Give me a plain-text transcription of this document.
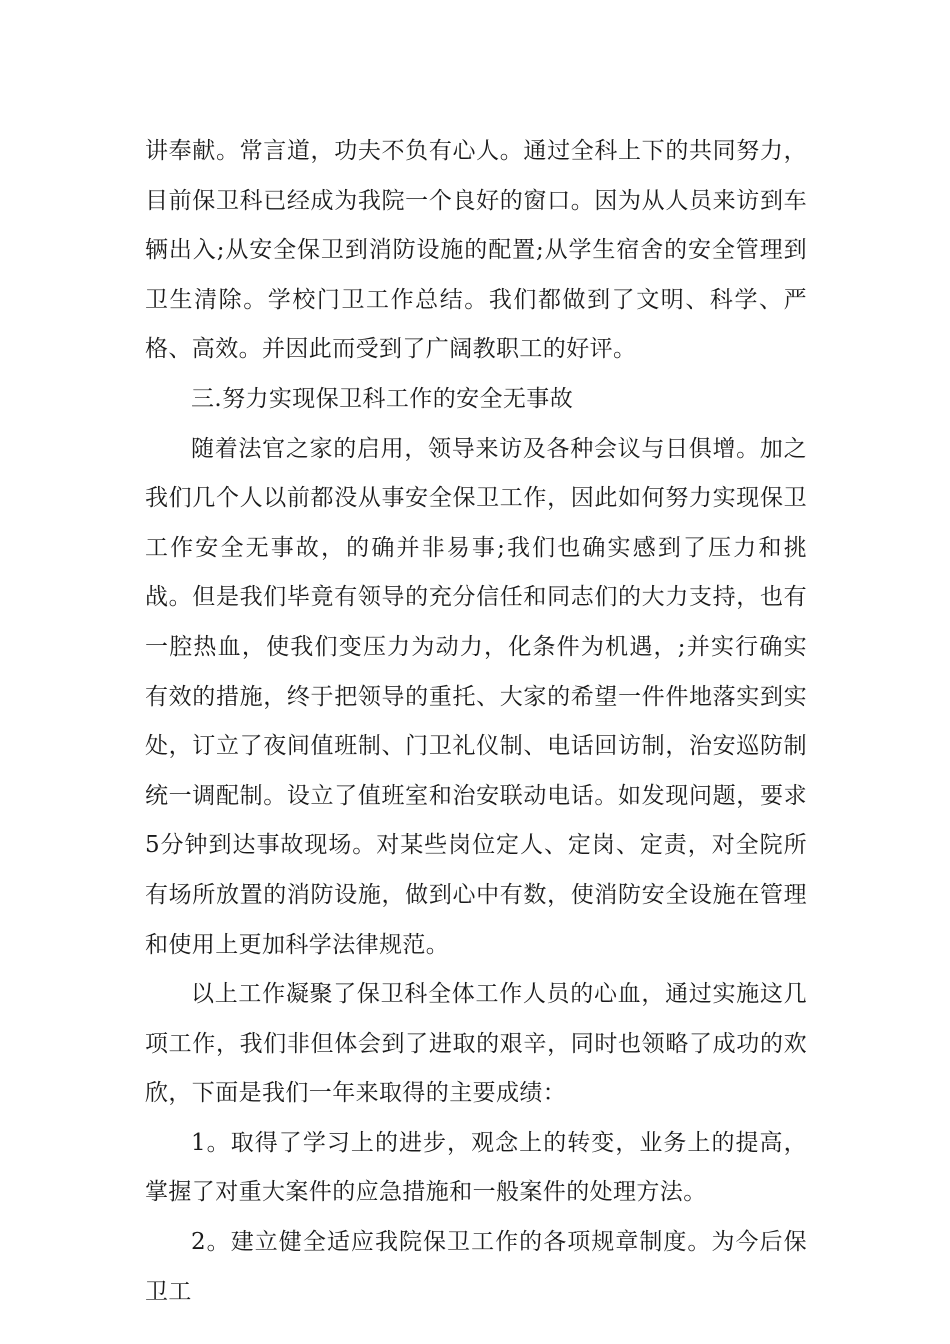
讲奉献。常言道，功夫不负有心人。通过全科上下的共同努力，目前保卫科已经成为我院一个良好的窗口。因为从人员来访到车辆出入;从安全保卫到消防设施的配置;从学生宿舍的安全管理到卫生清除。学校门卫工作总结。我们都做到了文明、科学、严格、高效。并因此而受到了广阔教职工的好评。

三.努力实现保卫科工作的安全无事故

随着法官之家的启用，领导来访及各种会议与日俱增。加之我们几个人以前都没从事安全保卫工作，因此如何努力实现保卫工作安全无事故，的确并非易事;我们也确实感到了压力和挑战。但是我们毕竟有领导的充分信任和同志们的大力支持，也有一腔热血，使我们变压力为动力，化条件为机遇，;并实行确实有效的措施，终于把领导的重托、大家的希望一件件地落实到实处，订立了夜间值班制、门卫礼仪制、电话回访制，治安巡防制统一调配制。设立了值班室和治安联动电话。如发现问题，要求5分钟到达事故现场。对某些岗位定人、定岗、定责，对全院所有场所放置的消防设施，做到心中有数，使消防安全设施在管理和使用上更加科学法律规范。

以上工作凝聚了保卫科全体工作人员的心血，通过实施这几项工作，我们非但体会到了进取的艰辛，同时也领略了成功的欢欣，下面是我们一年来取得的主要成绩：

1。取得了学习上的进步，观念上的转变，业务上的提高，掌握了对重大案件的应急措施和一般案件的处理方法。

2。建立健全适应我院保卫工作的各项规章制度。为今后保卫工
